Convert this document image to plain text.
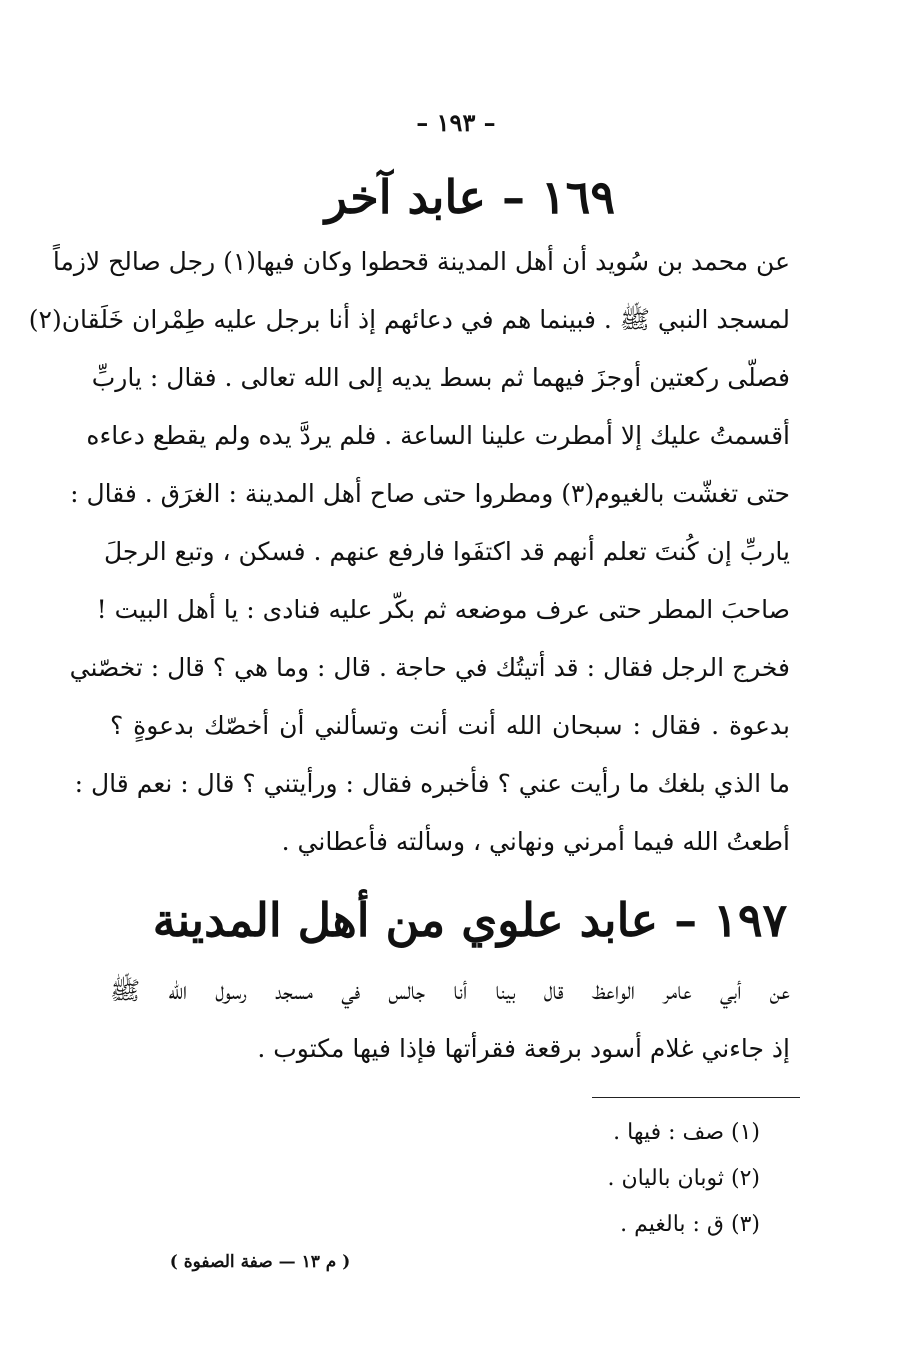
– ١٩٣ –
١٦٩ – عابد آخر
عن محمد بن سُويد أن أهل المدينة قحطوا وكان فيها(١) رجل صالح لازماً
لمسجد النبي ﷺ . فبينما هم في دعائهم إذ أنا برجل عليه طِمْران خَلَقان(٢)
فصلّى ركعتين أوجزَ فيهما ثم بسط يديه إلى الله تعالى . فقال : ياربِّ
أقسمتُ عليك إلا أمطرت علينا الساعة . فلم يردَّ يده ولم يقطع دعاءه
حتى تغشّت بالغيوم(٣) ومطروا حتى صاح أهل المدينة : الغرَق . فقال :
ياربِّ إن كُنتَ تعلم أنهم قد اكتفَوا فارفع عنهم . فسكن ، وتبع الرجلَ
صاحبَ المطر حتى عرف موضعه ثم بكّر عليه فنادى : يا أهل البيت !
فخرج الرجل فقال : قد أتيتُك في حاجة . قال : وما هي ؟ قال : تخصّني
بدعوة . فقال : سبحان الله أنت أنت وتسألني أن أخصّك بدعوةٍ ؟
ما الذي بلغك ما رأيت عني ؟ فأخبره فقال : ورأيتني ؟ قال : نعم قال :
أطعتُ الله فيما أمرني ونهاني ، وسألته فأعطاني .
١٩٧ – عابد علوي من أهل المدينة
عن أبي عامر الواعظ قال بينا أنا جالس في مسجد رسول الله ﷺ
إذ جاءني غلام أسود برقعة فقرأتها فإذا فيها مكتوب .
(١) صف : فيها .
(٢) ثوبان باليان .
(٣) ق : بالغيم .
( م ١٣ — صفة الصفوة )
